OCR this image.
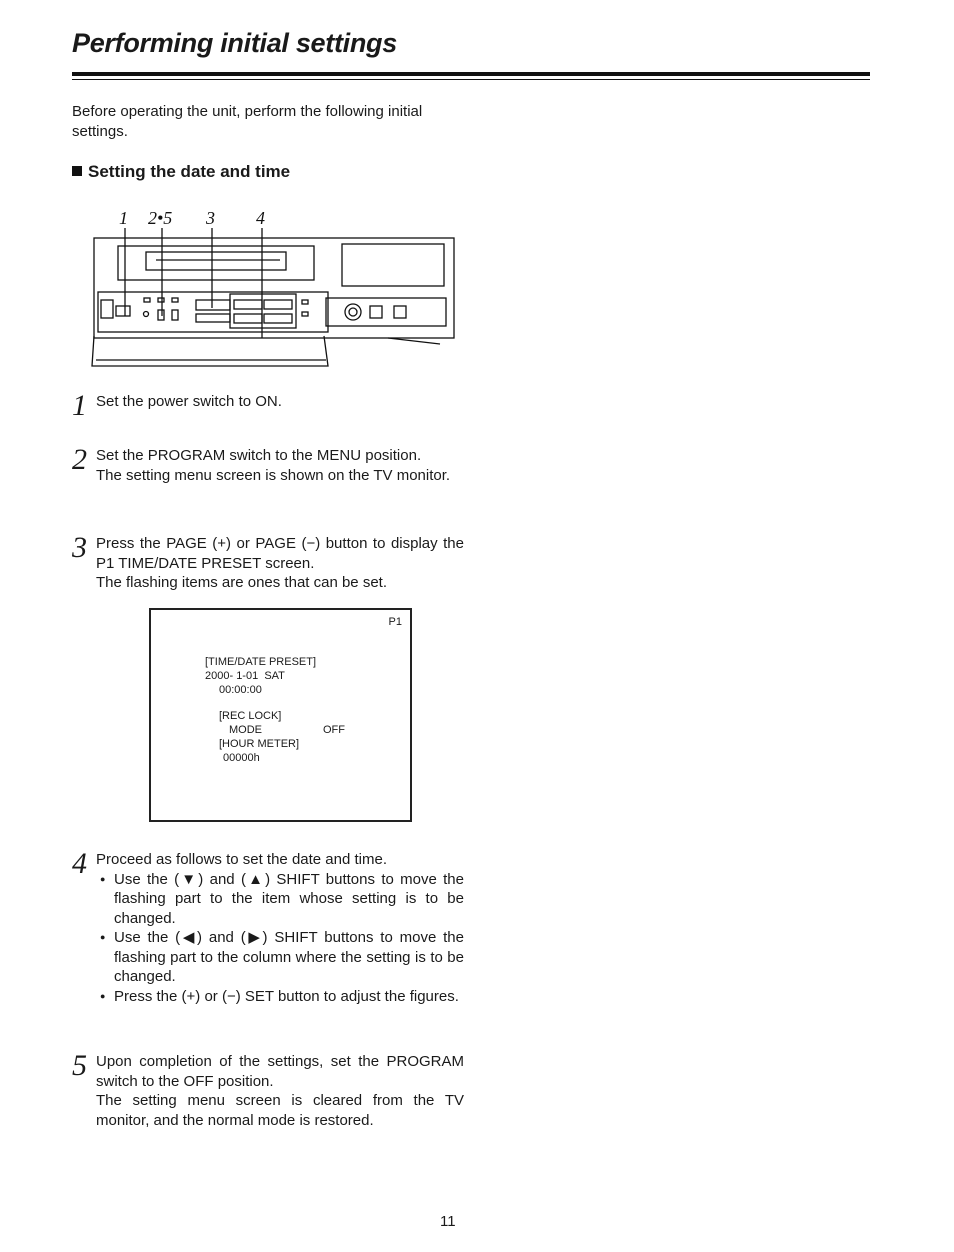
Performing initial settings

Before operating the unit, perform the following initial settings.

Setting the date and time
1 2•5 3 4
1 Set the power switch to ON.

2 Set the PROGRAM switch to the MENU position.

The setting menu screen is shown on the TV monitor.

3 Press the PAGE (+) or PAGE (−) button to display the P1 TIME/DATE PRESET screen.

The flashing items are ones that can be set.

P1
[TIME/DATE PRESET]
2000- 1-01  SAT
00:00:00
[REC LOCK]
MODE	OFF
[HOUR METER]
00000h
4 Proceed as follows to set the date and time.

● Use the (▼) and (▲) SHIFT buttons to move the flashing part to the item whose setting is to be changed.
● Use the (◀) and (▶) SHIFT buttons to move the flashing part to the column where the setting is to be changed.
● Press the (+) or (−) SET button to adjust the figures.
5 Upon completion of the settings, set the PROGRAM switch to the OFF position.

The setting menu screen is cleared from the TV monitor, and the normal mode is restored.

11
